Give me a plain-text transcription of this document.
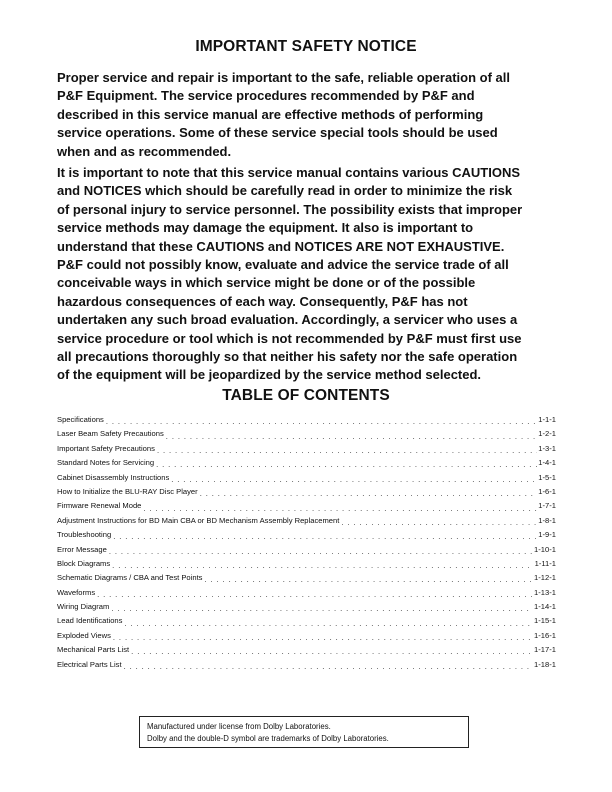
IMPORTANT SAFETY NOTICE
Proper service and repair is important to the safe, reliable operation of all
P&F Equipment. The service procedures recommended by P&F and
described in this service manual are effective methods of performing
service operations. Some of these service special tools should be used
when and as recommended.
It is important to note that this service manual contains various CAUTIONS
and NOTICES which should be carefully read in order to minimize the risk
of personal injury to service personnel. The possibility exists that improper
service methods may damage the equipment. It also is important to
understand that these CAUTIONS and NOTICES ARE NOT EXHAUSTIVE.
P&F could not possibly know, evaluate and advice the service trade of all
conceivable ways in which service might be done or of the possible
hazardous consequences of each way. Consequently, P&F has not
undertaken any such broad evaluation. Accordingly, a servicer who uses a
service procedure or tool which is not recommended by P&F must first use
all precautions thoroughly so that neither his safety nor the safe operation
of the equipment will be jeopardized by the service method selected.
TABLE OF CONTENTS
Specifications . . .	1-1-1
Laser Beam Safety Precautions . . .	1-2-1
Important Safety Precautions . . .	1-3-1
Standard Notes for Servicing . . .	1-4-1
Cabinet Disassembly Instructions . . .	1-5-1
How to Initialize the BLU-RAY Disc Player . . .	1-6-1
Firmware Renewal Mode . . .	1-7-1
Adjustment Instructions for BD Main CBA or BD Mechanism Assembly Replacement . . .	1-8-1
Troubleshooting . . .	1-9-1
Error Message . . .	1-10-1
Block Diagrams . . .	1-11-1
Schematic Diagrams / CBA and Test Points . . .	1-12-1
Waveforms . . .	1-13-1
Wiring Diagram . . .	1-14-1
Lead Identifications . . .	1-15-1
Exploded Views . . .	1-16-1
Mechanical Parts List . . .	1-17-1
Electrical Parts List . . .	1-18-1
Manufactured under license from Dolby Laboratories.
Dolby and the double-D symbol are trademarks of Dolby Laboratories.
